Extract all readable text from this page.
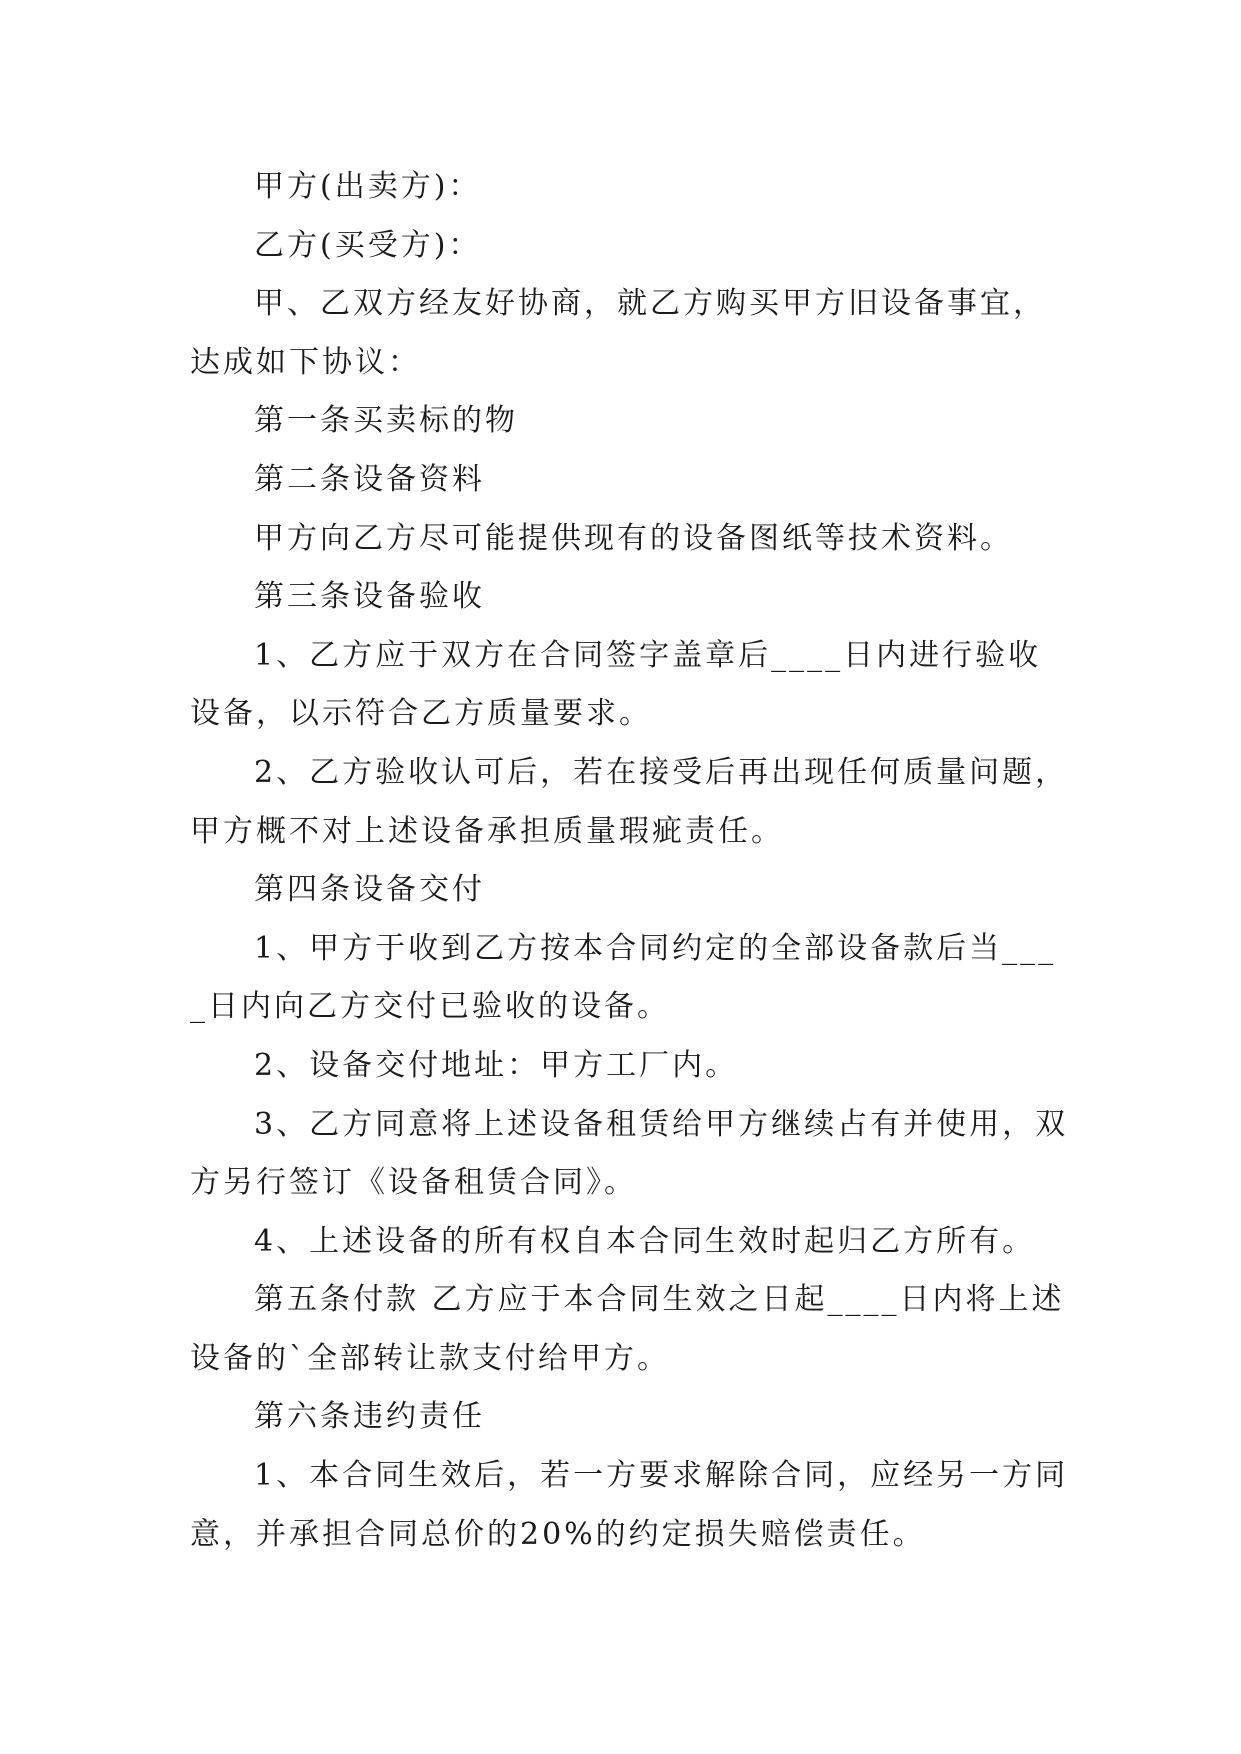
甲方(出卖方)：

乙方(买受方)：

甲、乙双方经友好协商，就乙方购买甲方旧设备事宜，达成如下协议：

第一条买卖标的物

第二条设备资料

甲方向乙方尽可能提供现有的设备图纸等技术资料。

第三条设备验收

1、乙方应于双方在合同签字盖章后____日内进行验收设备，以示符合乙方质量要求。

2、乙方验收认可后，若在接受后再出现任何质量问题，甲方概不对上述设备承担质量瑕疵责任。

第四条设备交付

1、甲方于收到乙方按本合同约定的全部设备款后当____日内向乙方交付已验收的设备。

2、设备交付地址：甲方工厂内。

3、乙方同意将上述设备租赁给甲方继续占有并使用，双方另行签订《设备租赁合同》。

4、上述设备的所有权自本合同生效时起归乙方所有。

第五条付款 乙方应于本合同生效之日起____日内将上述设备的`全部转让款支付给甲方。

第六条违约责任

1、本合同生效后，若一方要求解除合同，应经另一方同意，并承担合同总价的20%的约定损失赔偿责任。
